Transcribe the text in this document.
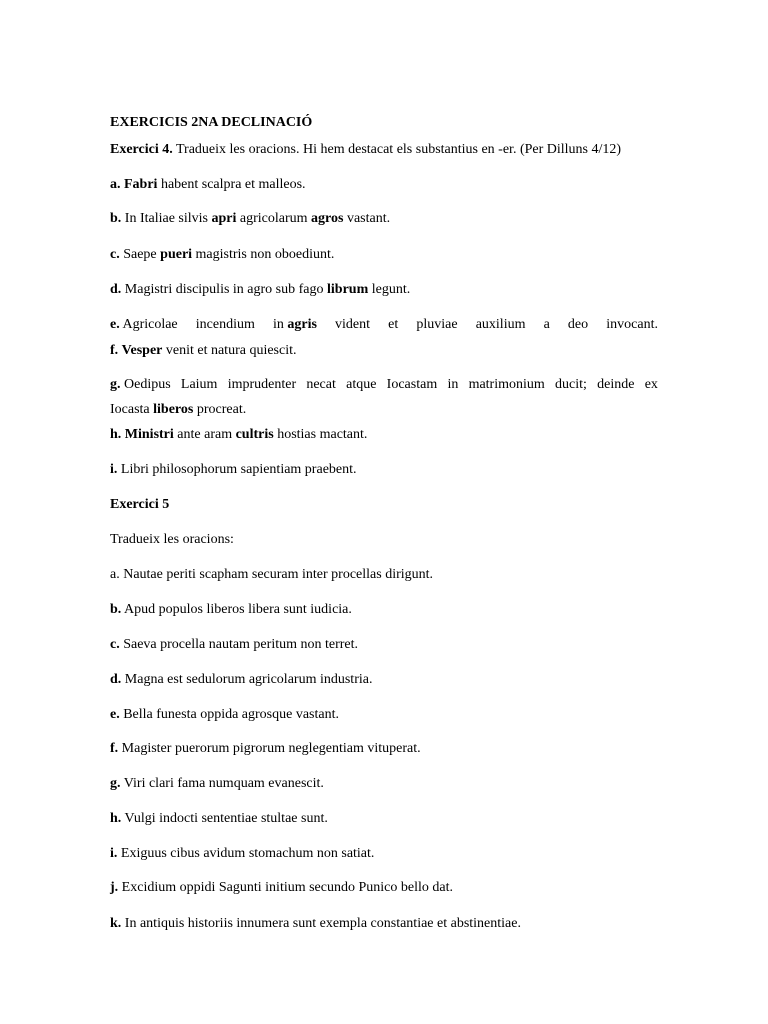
EXERCICIS 2NA DECLINACIÓ
Exercici 4. Tradueix les oracions. Hi hem destacat els substantius en -er. (Per Dilluns 4/12)
a. Fabri habent scalpra et malleos.
b. In Italiae silvis apri agricolarum agros vastant.
c. Saepe pueri magistris non oboediunt.
d. Magistri discipulis in agro sub fago librum legunt.
e. Agricolae incendium in agris vident et pluviae auxilium a deo invocant.
f. Vesper venit et natura quiescit.
g. Oedipus Laium imprudenter necat atque Iocastam in matrimonium ducit; deinde ex
Iocasta liberos procreat.
h. Ministri ante aram cultris hostias mactant.
i. Libri philosophorum sapientiam praebent.
Exercici 5
Tradueix les oracions:
a. Nautae periti scapham securam inter procellas dirigunt.
b. Apud populos liberos libera sunt iudicia.
c. Saeva procella nautam peritum non terret.
d. Magna est sedulorum agricolarum industria.
e. Bella funesta oppida agrosque vastant.
f. Magister puerorum pigrorum neglegentiam vituperat.
g. Viri clari fama numquam evanescit.
h. Vulgi indocti sententiae stultae sunt.
i. Exiguus cibus avidum stomachum non satiat.
j. Excidium oppidi Sagunti initium secundo Punico bello dat.
k. In antiquis historiis innumera sunt exempla constantiae et abstinentiae.
